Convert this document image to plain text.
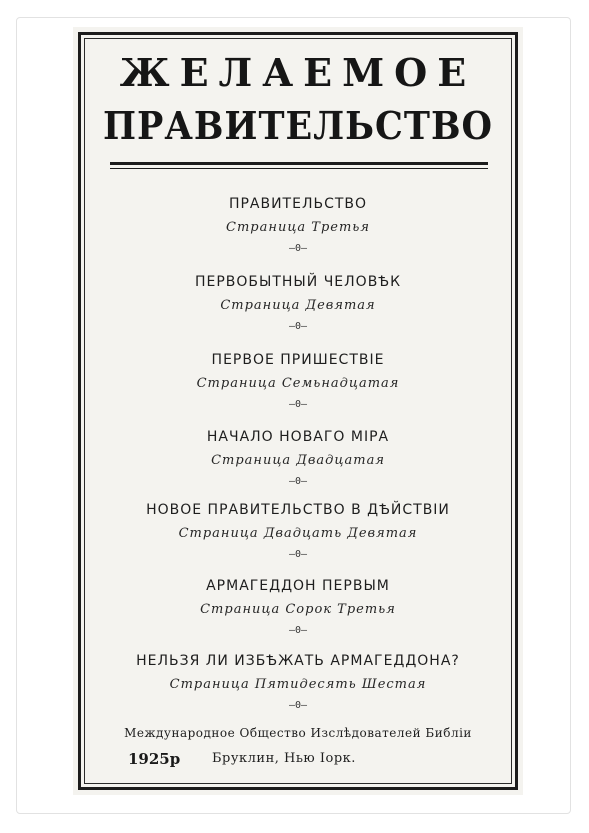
ЖЕЛАЕМОЕ
ПРАВИТЕЛЬСТВО
ПРАВИТЕЛЬСТВО
Страница Третья
—0—
ПЕРВОБЫТНЫЙ ЧЕЛОВѢК
Страница Девятая
—0—
ПЕРВОЕ ПРИШЕСТВІЕ
Страница Семьнадцатая
—0—
НАЧАЛО НОВАГО МІРА
Страница Двадцатая
—0—
НОВОЕ ПРАВИТЕЛЬСТВО В ДѢЙСТВІИ
Страница Двадцать Девятая
—0—
АРМАГЕДДОН ПЕРВЫМ
Страница Сорок Третья
—0—
НЕЛЬЗЯ ЛИ ИЗБѢЖАТЬ АРМАГЕДДОНА?
Страница Пятидесять Шестая
—0—
Международное Общество Изслѣдователей Библіи
1925р Бруклин, Нью Іорк.
